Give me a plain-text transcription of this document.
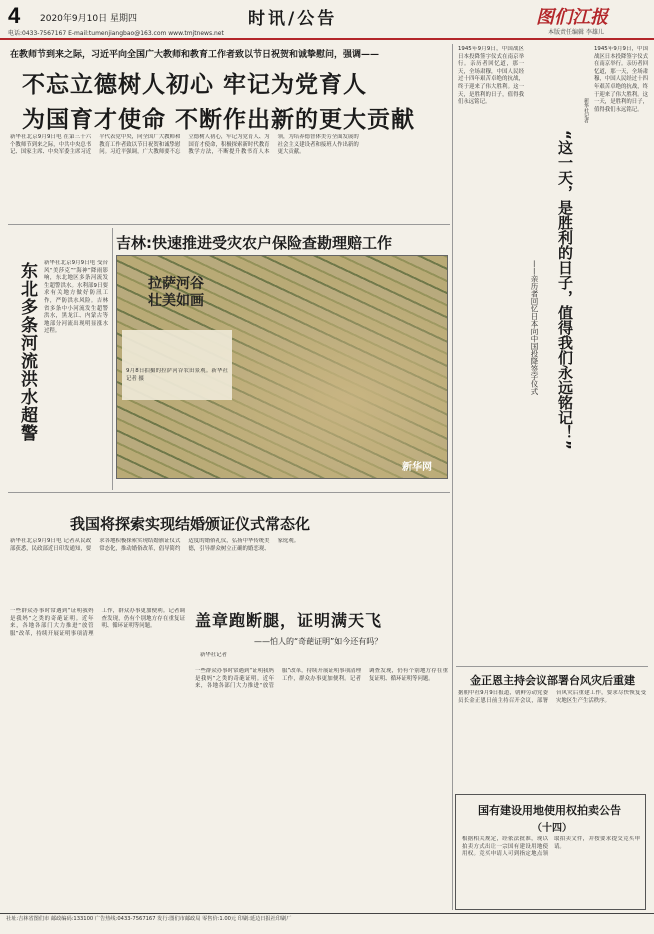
4 2020年9月10日 星期四	时讯/公告	图们江报
本版责任编辑 李雄儿
电话:0433-7567167 E-mail:tumenjiangbao@163.com www.tmjtnews.net
在教师节到来之际，习近平向全国广大教师和教育工作者致以节日祝贺和诚挚慰问，强调——
不忘立德树人初心 牢记为党育人
为国育才使命 不断作出新的更大贡献
新华社北京9月9日电 在第三十六个教师节到来之际，中共中央总书记、国家主席、中央军委主席习近平代表党中央，向全国广大教师和教育工作者致以节日祝贺和诚挚慰问。习近平强调，广大教师要不忘立德树人初心，牢记为党育人、为国育才使命，积极探索新时代教育教学方法，不断提升教书育人本领，为培养德智体美劳全面发展的社会主义建设者和接班人作出新的更大贡献。
东北多条河流洪水超警	新华社北京9月9日电 受台风“美莎克”“海神”降雨影响，东北地区多条河流发生超警洪水。水利部9日要求有关地方做好防汛工作，严防洪水风险。吉林省多条中小河流发生超警洪水，黑龙江、内蒙古等地部分河流出现明显涨水过程。
吉林:快速推进受灾农户保险查勘理赔工作
拉萨河谷
壮美如画
9月8日拍摄的拉萨河谷农田景观。新华社记者 摄
新华网
我国将探索实现结婚颁证仪式常态化
新华社北京9月9日电 记者从民政部获悉，民政部近日印发通知，要求各地积极探索实现结婚颁证仪式常态化，推动婚俗改革，倡导简约适度的婚俗礼仪，弘扬中华传统美德，引导群众树立正确的婚恋观、家庭观。
一些群众办事时常遇到“证明我妈是我妈”之类的奇葩证明。近年来，各地各部门大力推进“放管服”改革，持续开展证明事项清理工作，群众办事更加便利。记者调查发现，仍有个别地方存在重复证明、循环证明等问题。	盖章跑断腿，证明满天飞
——怕人的“奇葩证明”如今还有吗？
新华社记者
一些群众办事时常遇到“证明我妈是我妈”之类的奇葩证明。近年来，各地各部门大力推进“放管服”改革，持续开展证明事项清理工作，群众办事更加便利。记者调查发现，仍有个别地方存在重复证明、循环证明等问题。
1945年9月9日，中国战区日本投降签字仪式在南京举行。亲历者回忆道，那一天，全场肃穆，中国人民经过十四年艰苦卓绝的抗战，终于迎来了伟大胜利。这一天，是胜利的日子，值得我们永远铭记。
——亲历者回忆日本向中国投降签字仪式	“这一天，是胜利的日子，值得我们永远铭记！”
新华社记者
1945年9月9日，中国战区日本投降签字仪式在南京举行。亲历者回忆道，那一天，全场肃穆，中国人民经过十四年艰苦卓绝的抗战，终于迎来了伟大胜利。这一天，是胜利的日子，值得我们永远铭记。
金正恩主持会议部署台风灾后重建
据朝中社9月9日报道，朝鲜劳动党委员长金正恩日前主持召开会议，部署台风灾后重建工作，要求尽快恢复受灾地区生产生活秩序。
国有建设用地使用权拍卖公告
（十四）
根据相关规定，经依法批准，现以拍卖方式出让一宗国有建设用地使用权。竞买申请人可到指定地点领取拍卖文件，并按要求提交竞买申请。
社址:吉林省图们市 邮政编码:133100 广告热线:0433-7567167 发行:图们市邮政局 零售价:1.00元 印刷:延边日报社印刷厂
